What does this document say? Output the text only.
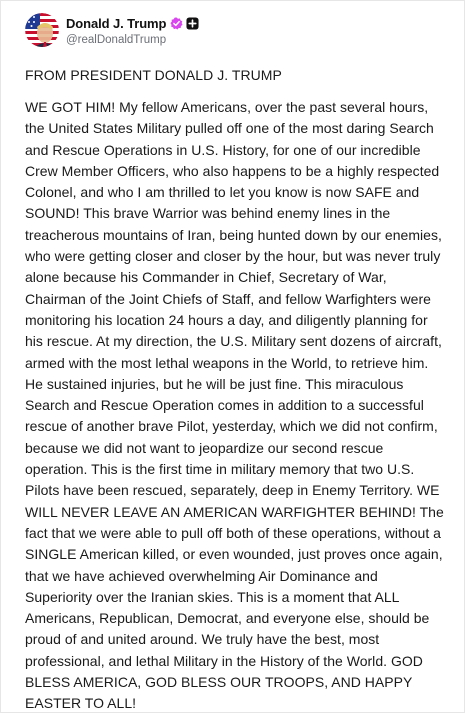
Donald J. Trump
@realDonaldTrump
FROM PRESIDENT DONALD J. TRUMP

WE GOT HIM! My fellow Americans, over the past several hours, the United States Military pulled off one of the most daring Search and Rescue Operations in U.S. History, for one of our incredible Crew Member Officers, who also happens to be a highly respected Colonel, and who I am thrilled to let you know is now SAFE and SOUND! This brave Warrior was behind enemy lines in the treacherous mountains of Iran, being hunted down by our enemies, who were getting closer and closer by the hour, but was never truly alone because his Commander in Chief, Secretary of War, Chairman of the Joint Chiefs of Staff, and fellow Warfighters were monitoring his location 24 hours a day, and diligently planning for his rescue. At my direction, the U.S. Military sent dozens of aircraft, armed with the most lethal weapons in the World, to retrieve him. He sustained injuries, but he will be just fine. This miraculous Search and Rescue Operation comes in addition to a successful rescue of another brave Pilot, yesterday, which we did not confirm, because we did not want to jeopardize our second rescue operation. This is the first time in military memory that two U.S. Pilots have been rescued, separately, deep in Enemy Territory. WE WILL NEVER LEAVE AN AMERICAN WARFIGHTER BEHIND! The fact that we were able to pull off both of these operations, without a SINGLE American killed, or even wounded, just proves once again, that we have achieved overwhelming Air Dominance and Superiority over the Iranian skies. This is a moment that ALL Americans, Republican, Democrat, and everyone else, should be proud of and united around. We truly have the best, most professional, and lethal Military in the History of the World. GOD BLESS AMERICA, GOD BLESS OUR TROOPS, AND HAPPY EASTER TO ALL!
